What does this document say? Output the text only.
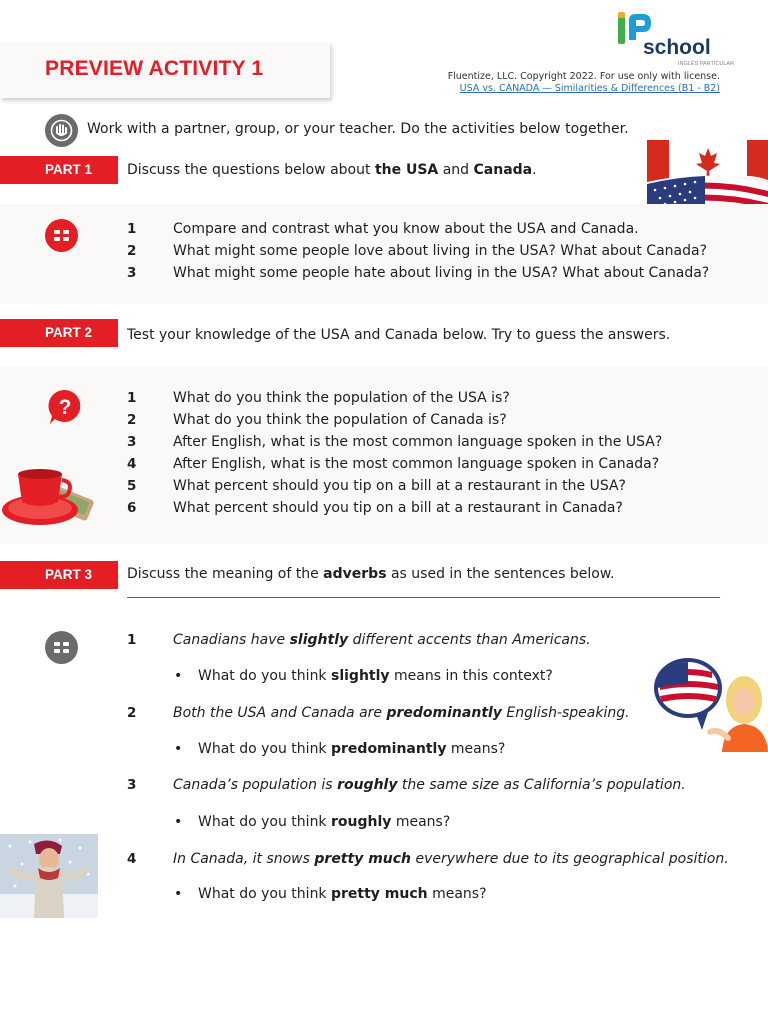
PREVIEW ACTIVITY 1
school
INGLÊS PARTICULAR
Fluentize, LLC. Copyright 2022. For use only with license.
USA vs. CANADA — Similarities & Differences (B1 - B2)
Work with a partner, group, or your teacher. Do the activities below together.
PART 1	Discuss the questions below about the USA and Canada.
1	Compare and contrast what you know about the USA and Canada.
2	What might some people love about living in the USA? What about Canada?
3	What might some people hate about living in the USA? What about Canada?
PART 2	Test your knowledge of the USA and Canada below. Try to guess the answers.
?	1	What do you think the population of the USA is?
2	What do you think the population of Canada is?
3	After English, what is the most common language spoken in the USA?
4	After English, what is the most common language spoken in Canada?
5	What percent should you tip on a bill at a restaurant in the USA?
6	What percent should you tip on a bill at a restaurant in Canada?
PART 3	Discuss the meaning of the adverbs as used in the sentences below.
1	Canadians have slightly different accents than Americans.
• What do you think slightly means in this context?
2	Both the USA and Canada are predominantly English-speaking.
• What do you think predominantly means?
3	Canada’s population is roughly the same size as California’s population.
• What do you think roughly means?
4	In Canada, it snows pretty much everywhere due to its geographical position.
• What do you think pretty much means?
